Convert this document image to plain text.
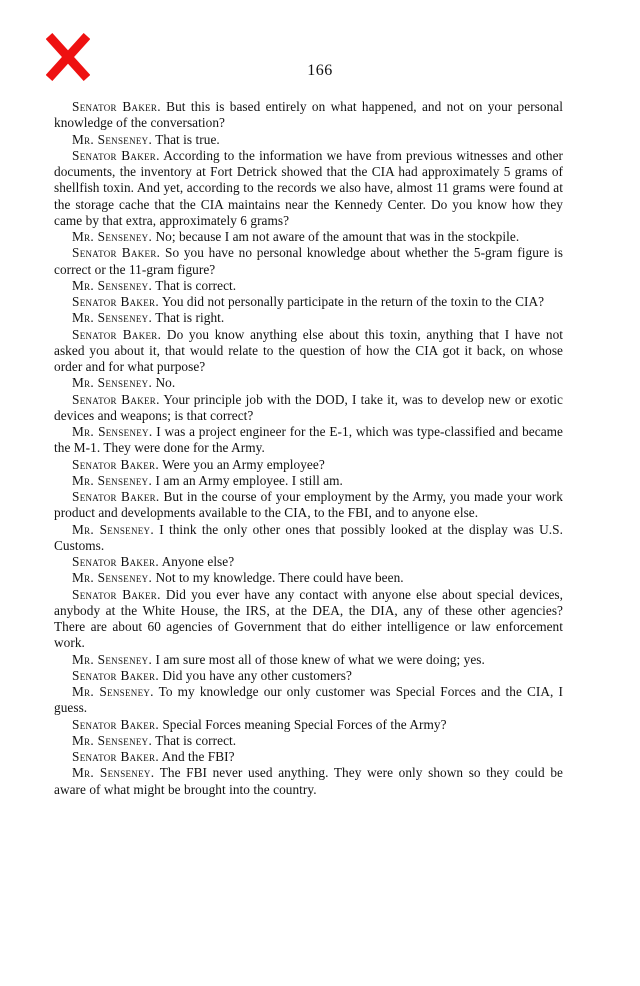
166

Senator Baker. But this is based entirely on what happened, and not on your personal knowledge of the conversation?

Mr. Senseney. That is true.

Senator Baker. According to the information we have from previous witnesses and other documents, the inventory at Fort Detrick showed that the CIA had approximately 5 grams of shellfish toxin. And yet, according to the records we also have, almost 11 grams were found at the storage cache that the CIA maintains near the Kennedy Center. Do you know how they came by that extra, approximately 6 grams?

Mr. Senseney. No; because I am not aware of the amount that was in the stockpile.

Senator Baker. So you have no personal knowledge about whether the 5-gram figure is correct or the 11-gram figure?

Mr. Senseney. That is correct.

Senator Baker. You did not personally participate in the return of the toxin to the CIA?

Mr. Senseney. That is right.

Senator Baker. Do you know anything else about this toxin, anything that I have not asked you about it, that would relate to the question of how the CIA got it back, on whose order and for what purpose?

Mr. Senseney. No.

Senator Baker. Your principle job with the DOD, I take it, was to develop new or exotic devices and weapons; is that correct?

Mr. Senseney. I was a project engineer for the E-1, which was type-classified and became the M-1. They were done for the Army.

Senator Baker. Were you an Army employee?

Mr. Senseney. I am an Army employee. I still am.

Senator Baker. But in the course of your employment by the Army, you made your work product and developments available to the CIA, to the FBI, and to anyone else.

Mr. Senseney. I think the only other ones that possibly looked at the display was U.S. Customs.

Senator Baker. Anyone else?

Mr. Senseney. Not to my knowledge. There could have been.

Senator Baker. Did you ever have any contact with anyone else about special devices, anybody at the White House, the IRS, at the DEA, the DIA, any of these other agencies? There are about 60 agencies of Government that do either intelligence or law enforcement work.

Mr. Senseney. I am sure most all of those knew of what we were doing; yes.

Senator Baker. Did you have any other customers?

Mr. Senseney. To my knowledge our only customer was Special Forces and the CIA, I guess.

Senator Baker. Special Forces meaning Special Forces of the Army?

Mr. Senseney. That is correct.

Senator Baker. And the FBI?

Mr. Senseney. The FBI never used anything. They were only shown so they could be aware of what might be brought into the country.
